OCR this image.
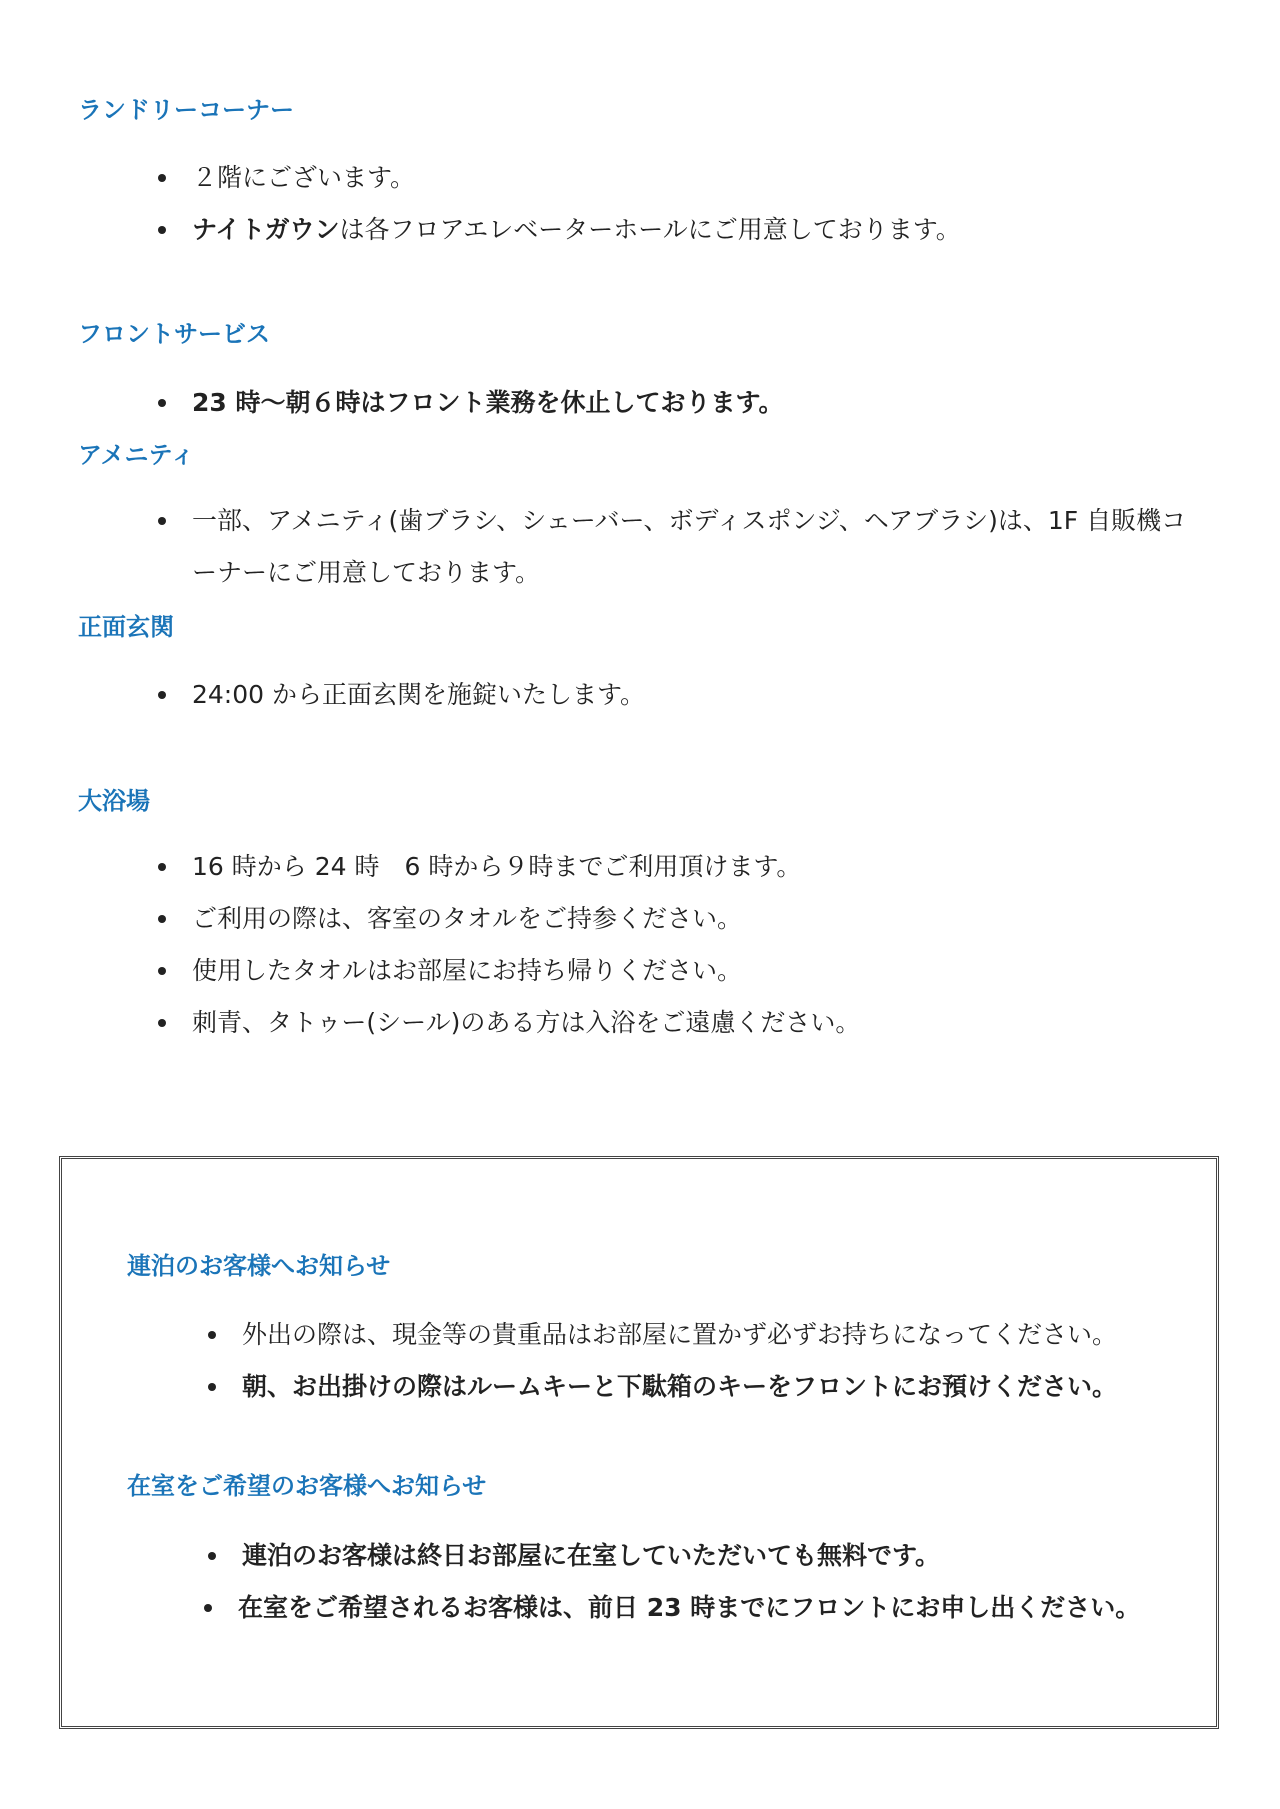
ランドリーコーナー
２階にございます。
ナイトガウンは各フロアエレベーターホールにご用意しております。
フロントサービス
23 時～朝６時はフロント業務を休止しております。
アメニティ
一部、アメニティ(歯ブラシ、シェーバー、ボディスポンジ、ヘアブラシ)は、1F 自販機コーナーにご用意しております。
正面玄関
24:00 から正面玄関を施錠いたします。
大浴場
16 時から 24 時　6 時から９時までご利用頂けます。
ご利用の際は、客室のタオルをご持参ください。
使用したタオルはお部屋にお持ち帰りください。
刺青、タトゥー(シール)のある方は入浴をご遠慮ください。
連泊のお客様へお知らせ
外出の際は、現金等の貴重品はお部屋に置かず必ずお持ちになってください。
朝、お出掛けの際はルームキーと下駄箱のキーをフロントにお預けください。
在室をご希望のお客様へお知らせ
連泊のお客様は終日お部屋に在室していただいても無料です。
在室をご希望されるお客様は、前日 23 時までにフロントにお申し出ください。
